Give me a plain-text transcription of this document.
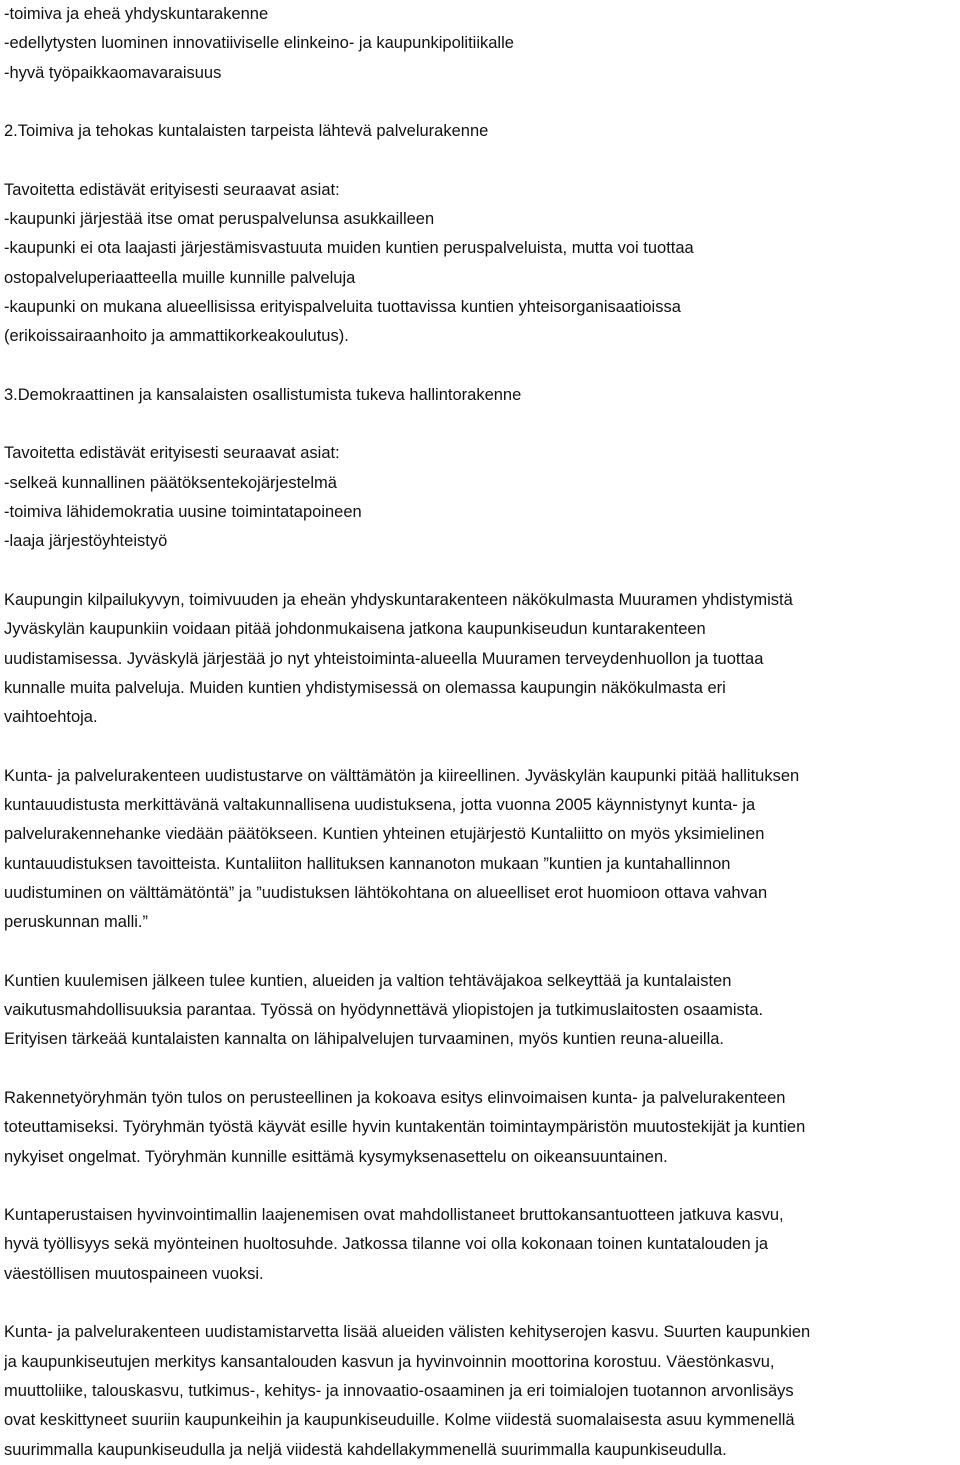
-toimiva ja eheä yhdyskuntarakenne
-edellytysten luominen innovatiiviselle elinkeino- ja kaupunkipolitiikalle
-hyvä työpaikkaomavaraisuus
2.Toimiva ja tehokas kuntalaisten tarpeista lähtevä palvelurakenne
Tavoitetta edistävät erityisesti seuraavat asiat:
-kaupunki järjestää itse omat peruspalvelunsa asukkailleen
-kaupunki ei ota laajasti järjestämisvastuuta muiden kuntien peruspalveluista, mutta voi tuottaa
ostopalveluperiaatteella muille kunnille palveluja
-kaupunki on mukana alueellisissa erityispalveluita tuottavissa kuntien yhteisorganisaatioissa
(erikoissairaanhoito ja ammattikorkeakoulutus).
3.Demokraattinen ja kansalaisten osallistumista tukeva hallintorakenne
Tavoitetta edistävät erityisesti seuraavat asiat:
-selkeä kunnallinen päätöksentekojärjestelmä
-toimiva lähidemokratia uusine toimintatapoineen
-laaja järjestöyhteistyö
Kaupungin kilpailukyvyn, toimivuuden ja eheän yhdyskuntarakenteen näkökulmasta Muuramen yhdistymistä
Jyväskylän kaupunkiin voidaan pitää johdonmukaisena jatkona kaupunkiseudun kuntarakenteen
uudistamisessa. Jyväskylä järjestää jo nyt yhteistoiminta-alueella Muuramen terveydenhuollon ja tuottaa
kunnalle muita palveluja. Muiden kuntien yhdistymisessä on olemassa kaupungin näkökulmasta eri
vaihtoehtoja.
Kunta- ja palvelurakenteen uudistustarve on välttämätön ja kiireellinen. Jyväskylän kaupunki pitää hallituksen
kuntauudistusta merkittävänä valtakunnallisena uudistuksena, jotta vuonna 2005 käynnistynyt kunta- ja
palvelurakennehanke viedään päätökseen. Kuntien yhteinen etujärjestö Kuntaliitto on myös yksimielinen
kuntauudistuksen tavoitteista. Kuntaliiton hallituksen kannanoton mukaan ”kuntien ja kuntahallinnon
uudistuminen on välttämätöntä” ja ”uudistuksen lähtökohtana on alueelliset erot huomioon ottava vahvan
peruskunnan malli.”
Kuntien kuulemisen jälkeen tulee kuntien, alueiden ja valtion tehtäväjakoa selkeyttää ja kuntalaisten
vaikutusmahdollisuuksia parantaa. Työssä on hyödynnettävä yliopistojen ja tutkimuslaitosten osaamista.
Erityisen tärkeää kuntalaisten kannalta on lähipalvelujen turvaaminen, myös kuntien reuna-alueilla.
Rakennetyöryhmän työn tulos on perusteellinen ja kokoava esitys elinvoimaisen kunta- ja palvelurakenteen
toteuttamiseksi. Työryhmän työstä käyvät esille hyvin kuntakentän toimintaympäristön muutostekijät ja kuntien
nykyiset ongelmat. Työryhmän kunnille esittämä kysymyksenasettelu on oikeansuuntainen.
Kuntaperustaisen hyvinvointimallin laajenemisen ovat mahdollistaneet bruttokansantuotteen jatkuva kasvu,
hyvä työllisyys sekä myönteinen huoltosuhde. Jatkossa tilanne voi olla kokonaan toinen kuntatalouden ja
väestöllisen muutospaineen vuoksi.
Kunta- ja palvelurakenteen uudistamistarvetta lisää alueiden välisten kehityserojen kasvu. Suurten kaupunkien
ja kaupunkiseutujen merkitys kansantalouden kasvun ja hyvinvoinnin moottorina korostuu. Väestönkasvu,
muuttoliike, talouskasvu, tutkimus-, kehitys- ja innovaatio-osaaminen ja eri toimialojen tuotannon arvonlisäys
ovat keskittyneet suuriin kaupunkeihin ja kaupunkiseuduille. Kolme viidestä suomalaisesta asuu kymmenellä
suurimmalla kaupunkiseudulla ja neljä viidestä kahdellakymmenellä suurimmalla kaupunkiseudulla.
